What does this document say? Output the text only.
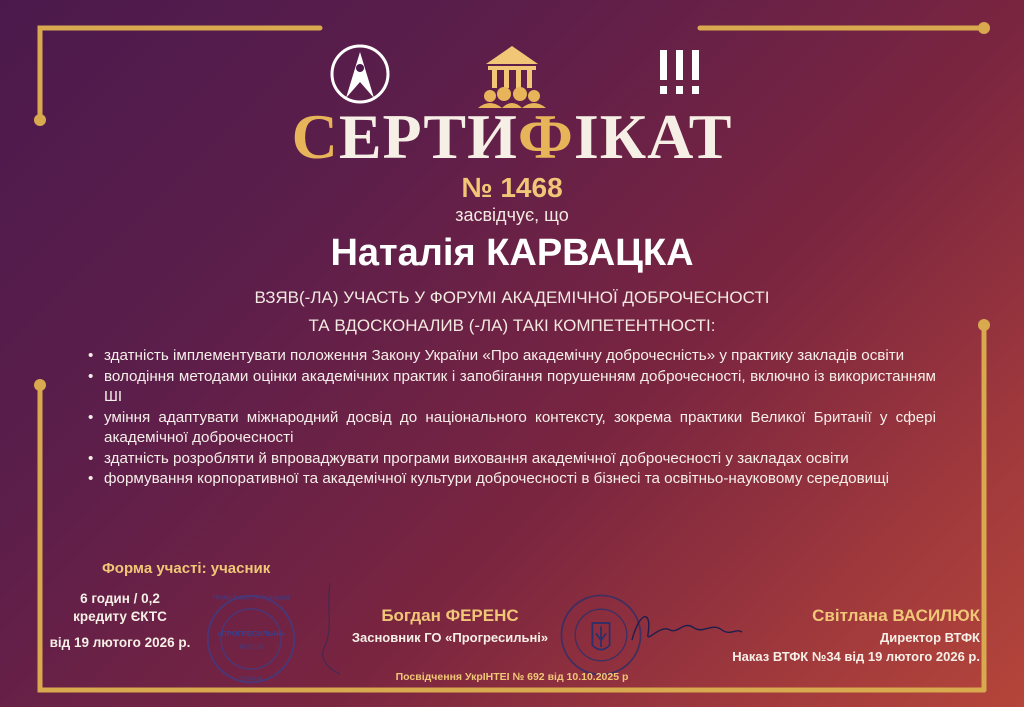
СЕРТИФІКАТ
№ 1468
засвідчує, що
Наталія КАРВАЦКА
ВЗЯВ(-ЛА) УЧАСТЬ У ФОРУМІ АКАДЕМІЧНОЇ ДОБРОЧЕСНОСТІ
ТА ВДОСКОНАЛИВ (-ЛА) ТАКІ КОМПЕТЕНТНОСТІ:
• здатність імплементувати положення Закону України «Про академічну доброчесність» у практику закладів освіти
• володіння методами оцінки академічних практик і запобігання порушенням доброчесності, включно із використанням ШІ
• уміння адаптувати міжнародний досвід до національного контексту, зокрема практики Великої Британії у сфері академічної доброчесності
• здатність розробляти й впроваджувати програми виховання академічної доброчесності у закладах освіти
• формування корпоративної та академічної культури доброчесності в бізнесі та освітньо-науковому середовищі
Форма участі: учасник
6 годин / 0,2
кредиту ЄКТС
від 19 лютого 2026 р.
ГРОМАДСЬКА ОРГАНІЗАЦІЯ
«ПРОГРЕСИЛЬНІ»
45123153
УКРАЇНА
Богдан ФЕРЕНС
Засновник ГО «Прогресильні»
Світлана ВАСИЛЮК
Директор ВТФК
Наказ ВТФК №34 від 19 лютого 2026 р.
Посвідчення УкрІНТЕІ № 692 від 10.10.2025 р
